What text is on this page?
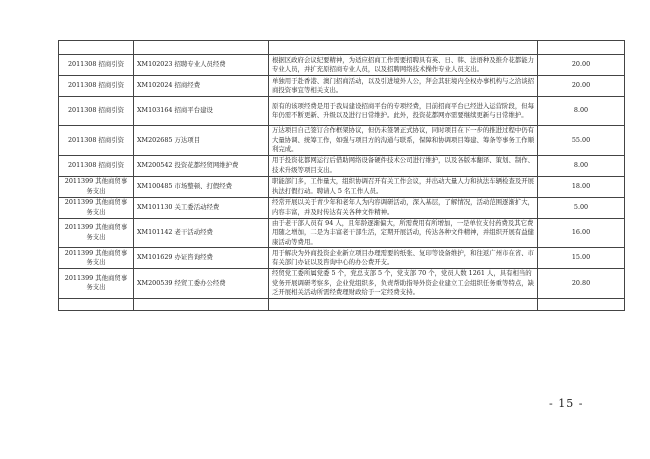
2011308 招商引资	XM102023 招聘专业人员经费	根据区政府会议纪要精神，为适应招商工作需要招聘具有英、日、韩、法语种及推介花都能力专业人员，并扩充原招商专业人员，以及招聘网络技术操作专业人员支出。	20.00
2011308 招商引资	XM102024 招商经费	单独用于赴香港、澳门招商活动，以及引进境外人公，拜会其驻境内全权办事机构与之洽谈招商投资事宜等相关支出。	20.00
2011308 招商引资	XM103164 招商平台建设	原有的该项经费是用于我局建设招商平台的专项经费，目前招商平台已经进入运营阶段，但每年仍需不断更新、升级以及进行日常维护。此外，投资花都网亦需要继续更新与日常维护。	8.00
2011308 招商引资	XM202685 万达项目	万达项目自己签订合作框架协议，但仍未签署正式协议，同时项目在下一步的推进过程中仍有大量协调、统筹工作，如强与项目方的沟通与联系，保障和协调项目筹建、筹条等事务工作顺利完成。	55.00
2011308 招商引资	XM200542 投资花都经贸网维护费	用于投资花都网运行后借助网络设备硬件技术公司进行维护，以及各版本翻译、策划、制作、技术升级等项目支出。	8.00
2011399 其他商贸事务支出	XM100485 市场整顿、打假经费	职能部门多，工作量大，组织协调召开有关工作会议，并出动大量人力和执法车辆检查及开展执法打假行动。聘请人 5 名工作人员。	18.00
2011399 其他商贸事务支出	XM101130 关工委活动经费	经常开展以关于青少年和老年人为内容调研活动，深入基层，了解情况，活动范围逐渐扩大，内容丰富，并及时传达有关各种文件精神。	5.00
2011399 其他商贸事务支出	XM101142 老干活动经费	由于老干部人员有 94 人，且年龄逐渐偏大，所需费用有所增加，一是单位支付药费及其它费用随之增加，二是为丰富老干部生活，定期开展活动，传达各种文件精神，并组织开展有益健康活动等费用。	16.00
2011399 其他商贸事务支出	XM101629 办证咨询经费	用于解决为外商投资企业新立项目办理需要的纸张、复印等设备维护，和往返广州市在省、市有关部门办证以及咨询中心的办公费开支。	15.00
2011399 其他商贸事务支出	XM200539 经贸工委办公经费	经贸党工委所属党委 5 个，党总支部 5 个，党支部 70 个，党员人数 1261 人，具有相当的党务开展调研考察多，企业党组织多，负责帮助指导外资企业建立工会组织任务重等特点，缺乏开展相关活动所需经费理财政给于一定经费支持。	20.80

- 15 -
